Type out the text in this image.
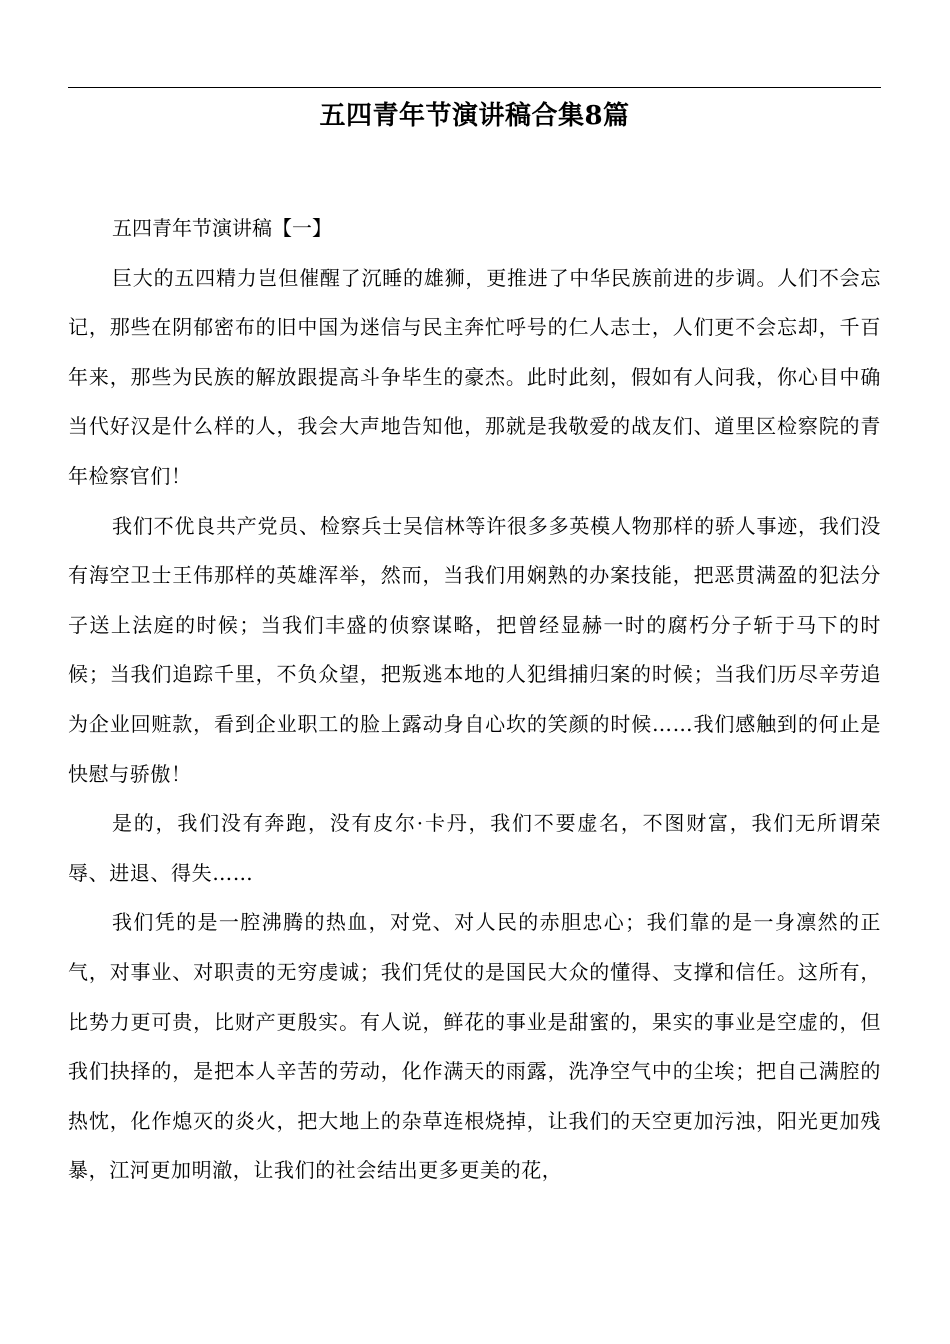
五四青年节演讲稿合集8篇

五四青年节演讲稿【一】

巨大的五四精力岂但催醒了沉睡的雄狮，更推进了中华民族前进的步调。人们不会忘记，那些在阴郁密布的旧中国为迷信与民主奔忙呼号的仁人志士，人们更不会忘却，千百年来，那些为民族的解放跟提高斗争毕生的豪杰。此时此刻，假如有人问我，你心目中确当代好汉是什么样的人，我会大声地告知他，那就是我敬爱的战友们、道里区检察院的青年检察官们！

我们不优良共产党员、检察兵士吴信林等许很多多英模人物那样的骄人事迹，我们没有海空卫士王伟那样的英雄浑举，然而，当我们用娴熟的办案技能，把恶贯满盈的犯法分子送上法庭的时候；当我们丰盛的侦察谋略，把曾经显赫一时的腐朽分子斩于马下的时候；当我们追踪千里，不负众望，把叛逃本地的人犯缉捕归案的时候；当我们历尽辛劳追为企业回赃款，看到企业职工的脸上露动身自心坎的笑颜的时候……我们感触到的何止是快慰与骄傲！

是的，我们没有奔跑，没有皮尔·卡丹，我们不要虚名，不图财富，我们无所谓荣辱、进退、得失……

我们凭的是一腔沸腾的热血，对党、对人民的赤胆忠心；我们靠的是一身凛然的正气，对事业、对职责的无穷虔诚；我们凭仗的是国民大众的懂得、支撑和信任。这所有，比势力更可贵，比财产更殷实。有人说，鲜花的事业是甜蜜的，果实的事业是空虚的，但我们抉择的，是把本人辛苦的劳动，化作满天的雨露，洗净空气中的尘埃；把自己满腔的热忱，化作熄灭的炎火，把大地上的杂草连根烧掉，让我们的天空更加污浊，阳光更加残暴，江河更加明澈，让我们的社会结出更多更美的花，
